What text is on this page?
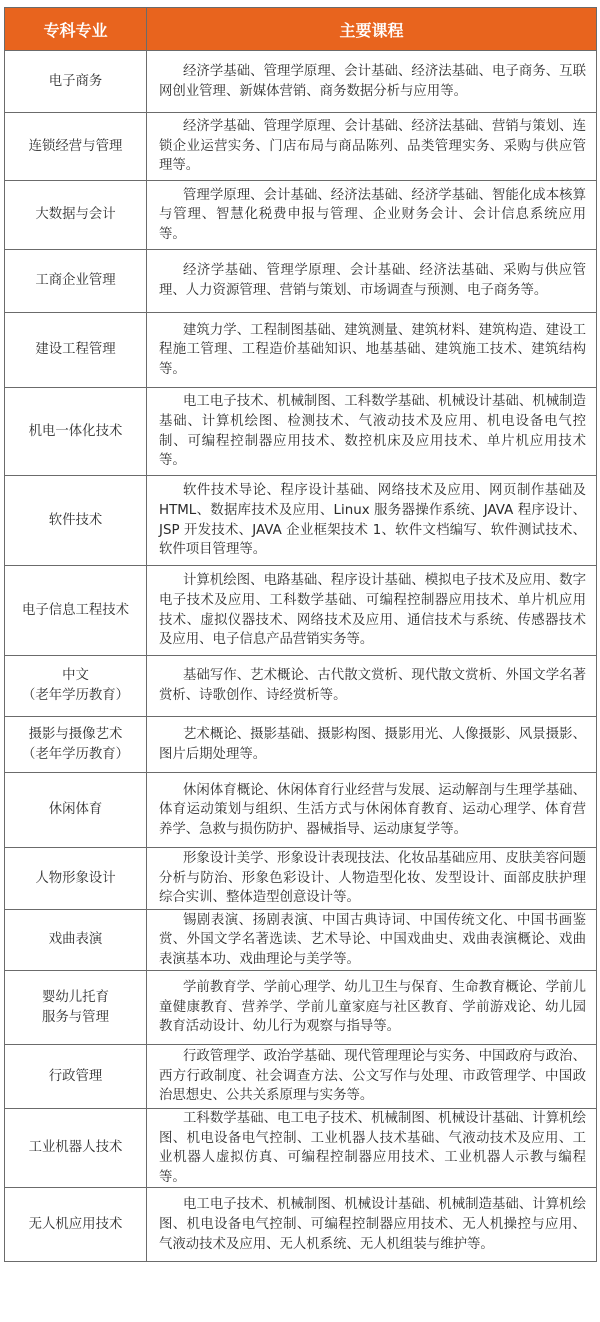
专科专业	主要课程

电子商务	经济学基础、管理学原理、会计基础、经济法基础、电子商务、互联网创业管理、新媒体营销、商务数据分析与应用等。

连锁经营与管理	经济学基础、管理学原理、会计基础、经济法基础、营销与策划、连锁企业运营实务、门店布局与商品陈列、品类管理实务、采购与供应管理等。

大数据与会计	管理学原理、会计基础、经济法基础、经济学基础、智能化成本核算与管理、智慧化税费申报与管理、企业财务会计、会计信息系统应用等。

工商企业管理	经济学基础、管理学原理、会计基础、经济法基础、采购与供应管理、人力资源管理、营销与策划、市场调查与预测、电子商务等。

建设工程管理	建筑力学、工程制图基础、建筑测量、建筑材料、建筑构造、建设工程施工管理、工程造价基础知识、地基基础、建筑施工技术、建筑结构等。

机电一体化技术	电工电子技术、机械制图、工科数学基础、机械设计基础、机械制造基础、计算机绘图、检测技术、气液动技术及应用、机电设备电气控制、可编程控制器应用技术、数控机床及应用技术、单片机应用技术等。

软件技术	软件技术导论、程序设计基础、网络技术及应用、网页制作基础及 HTML、数据库技术及应用、Linux 服务器操作系统、JAVA 程序设计、JSP 开发技术、JAVA 企业框架技术 1、软件文档编写、软件测试技术、软件项目管理等。

电子信息工程技术	计算机绘图、电路基础、程序设计基础、模拟电子技术及应用、数字电子技术及应用、工科数学基础、可编程控制器应用技术、单片机应用技术、虚拟仪器技术、网络技术及应用、通信技术与系统、传感器技术及应用、电子信息产品营销实务等。

中文
（老年学历教育）	基础写作、艺术概论、古代散文赏析、现代散文赏析、外国文学名著赏析、诗歌创作、诗经赏析等。

摄影与摄像艺术
（老年学历教育）	艺术概论、摄影基础、摄影构图、摄影用光、人像摄影、风景摄影、图片后期处理等。

休闲体育	休闲体育概论、休闲体育行业经营与发展、运动解剖与生理学基础、体育运动策划与组织、生活方式与休闲体育教育、运动心理学、体育营养学、急救与损伤防护、器械指导、运动康复学等。

人物形象设计	形象设计美学、形象设计表现技法、化妆品基础应用、皮肤美容问题分析与防治、形象色彩设计、人物造型化妆、发型设计、面部皮肤护理综合实训、整体造型创意设计等。

戏曲表演	锡剧表演、扬剧表演、中国古典诗词、中国传统文化、中国书画鉴赏、外国文学名著选读、艺术导论、中国戏曲史、戏曲表演概论、戏曲表演基本功、戏曲理论与美学等。

婴幼儿托育
服务与管理	学前教育学、学前心理学、幼儿卫生与保育、生命教育概论、学前儿童健康教育、营养学、学前儿童家庭与社区教育、学前游戏论、幼儿园教育活动设计、幼儿行为观察与指导等。

行政管理	行政管理学、政治学基础、现代管理理论与实务、中国政府与政治、西方行政制度、社会调查方法、公文写作与处理、市政管理学、中国政治思想史、公共关系原理与实务等。

工业机器人技术	工科数学基础、电工电子技术、机械制图、机械设计基础、计算机绘图、机电设备电气控制、工业机器人技术基础、气液动技术及应用、工业机器人虚拟仿真、可编程控制器应用技术、工业机器人示教与编程等。

无人机应用技术	电工电子技术、机械制图、机械设计基础、机械制造基础、计算机绘图、机电设备电气控制、可编程控制器应用技术、无人机操控与应用、气液动技术及应用、无人机系统、无人机组装与维护等。
